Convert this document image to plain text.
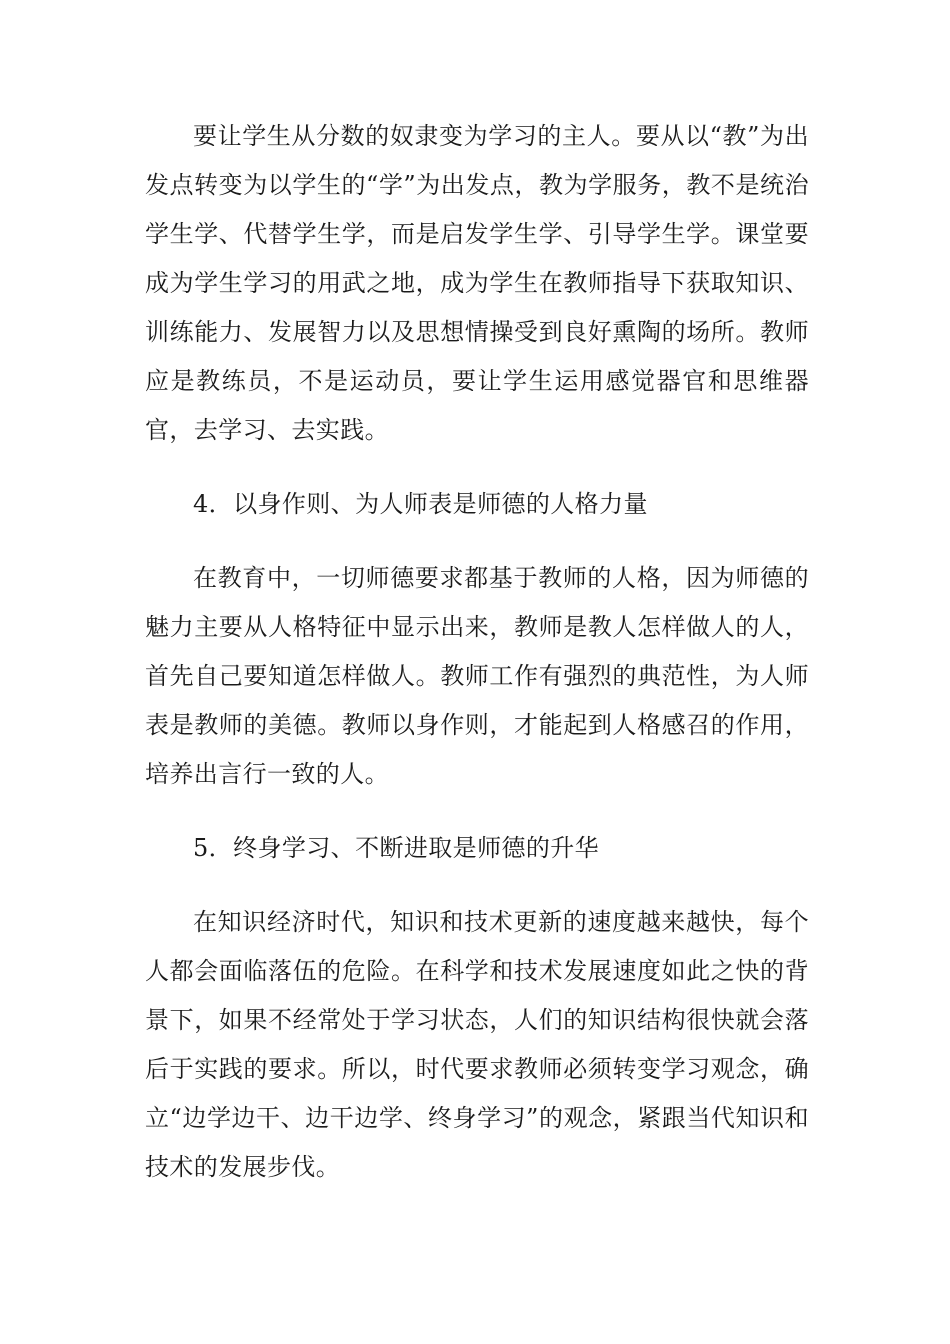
要让学生从分数的奴隶变为学习的主人。要从以“教”为出发点转变为以学生的“学”为出发点，教为学服务，教不是统治学生学、代替学生学，而是启发学生学、引导学生学。课堂要成为学生学习的用武之地，成为学生在教师指导下获取知识、训练能力、发展智力以及思想情操受到良好熏陶的场所。教师应是教练员，不是运动员，要让学生运用感觉器官和思维器官，去学习、去实践。

4．以身作则、为人师表是师德的人格力量

在教育中，一切师德要求都基于教师的人格，因为师德的魅力主要从人格特征中显示出来，教师是教人怎样做人的人，首先自己要知道怎样做人。教师工作有强烈的典范性，为人师表是教师的美德。教师以身作则，才能起到人格感召的作用，培养出言行一致的人。

5．终身学习、不断进取是师德的升华

在知识经济时代，知识和技术更新的速度越来越快，每个人都会面临落伍的危险。在科学和技术发展速度如此之快的背景下，如果不经常处于学习状态，人们的知识结构很快就会落后于实践的要求。所以，时代要求教师必须转变学习观念，确立“边学边干、边干边学、终身学习”的观念，紧跟当代知识和技术的发展步伐。
